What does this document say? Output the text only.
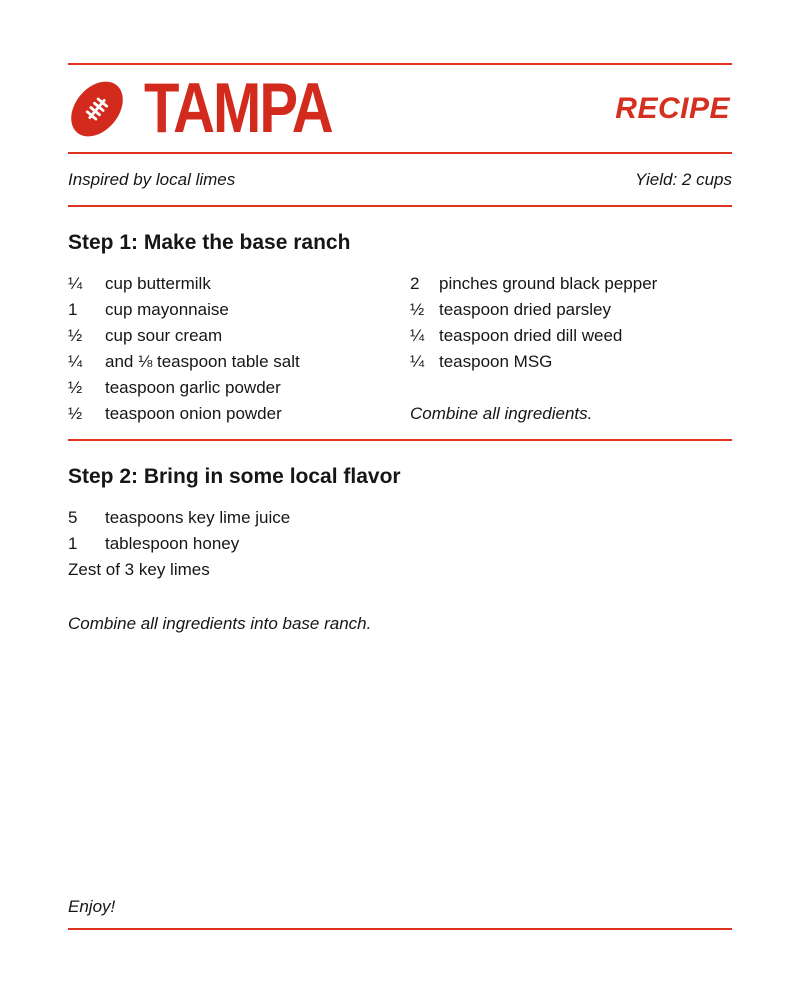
TAMPA	RECIPE
Inspired by local limes	Yield: 2 cups
Step 1: Make the base ranch
¼	cup buttermilk
1	cup mayonnaise
½	cup sour cream
¼	and ⅛ teaspoon table salt
½	teaspoon garlic powder
½	teaspoon onion powder
2	pinches ground black pepper
½ teaspoon dried parsley
¼ teaspoon dried dill weed
¼ teaspoon MSG

Combine all ingredients.

Step 2: Bring in some local flavor
5	teaspoons key lime juice
1	tablespoon honey

Zest of 3 key limes

Combine all ingredients into base ranch.

Enjoy!
